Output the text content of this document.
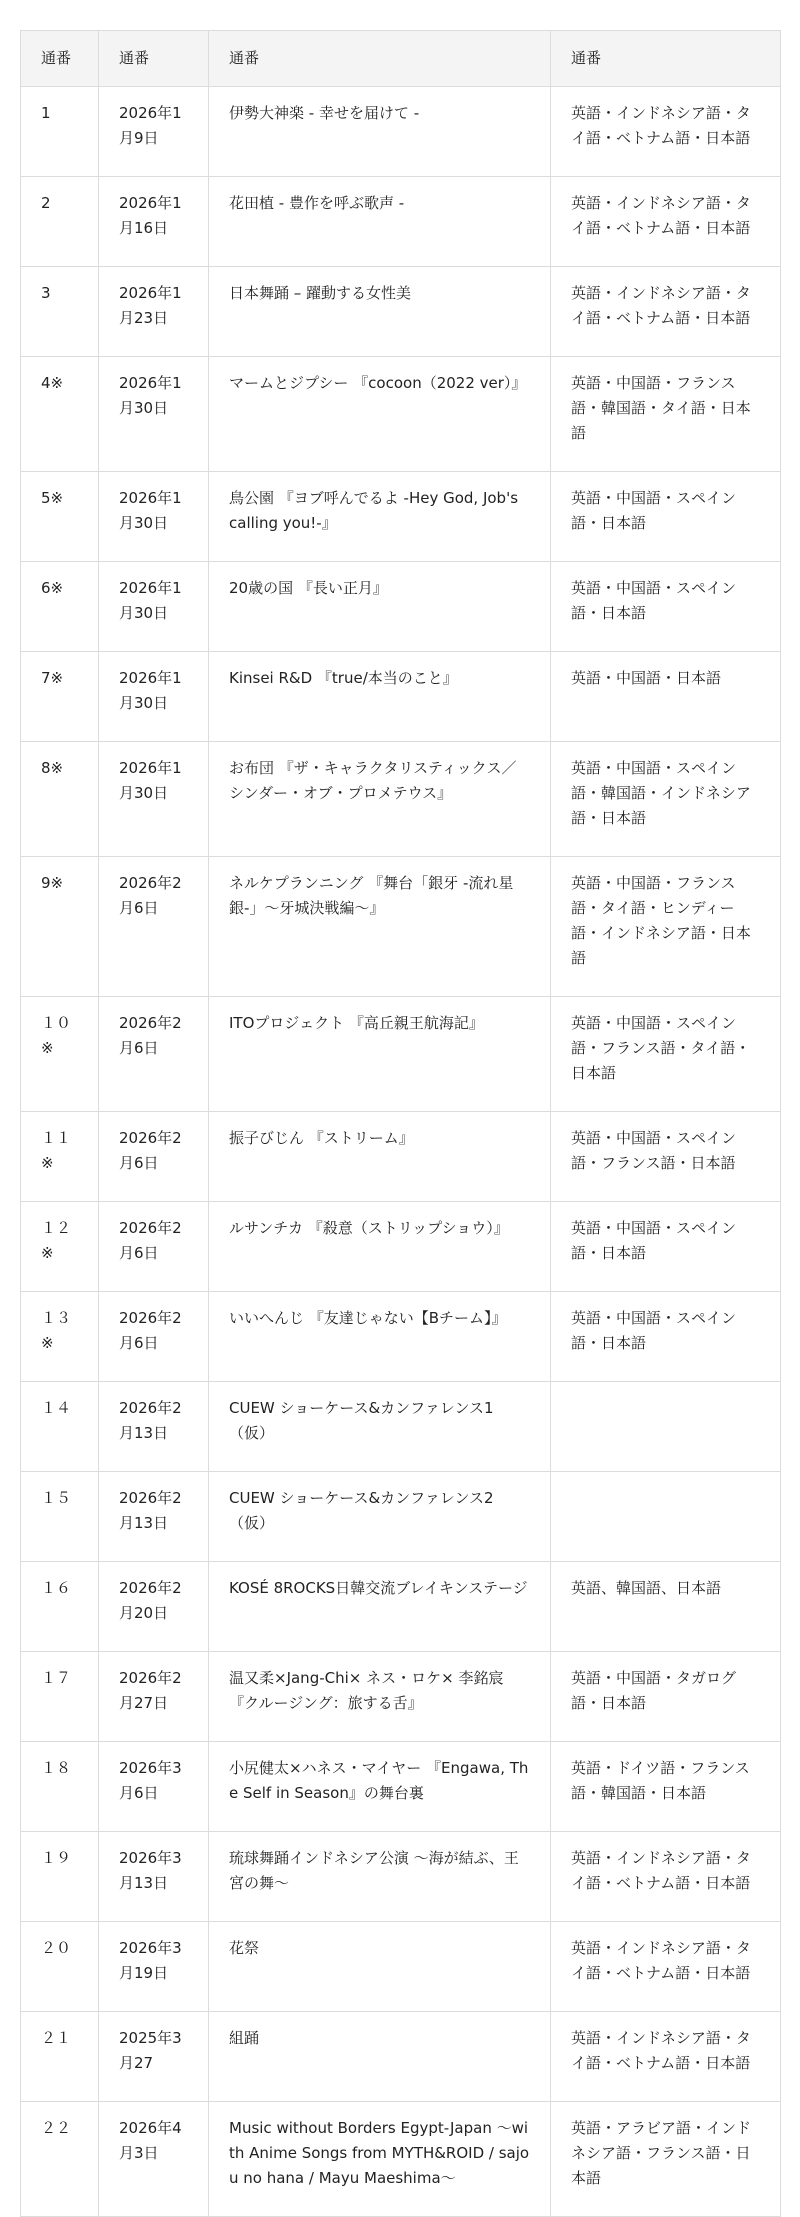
通番	通番	通番	通番
1	2026年1月9日	伊勢大神楽 - 幸せを届けて -	英語・インドネシア語・タイ語・ベトナム語・日本語
2	2026年1月16日	花田植 - 豊作を呼ぶ歌声 -	英語・インドネシア語・タイ語・ベトナム語・日本語
3	2026年1月23日	日本舞踊 – 躍動する女性美	英語・インドネシア語・タイ語・ベトナム語・日本語
4※	2026年1月30日	マームとジプシー 『cocoon（2022 ver）』	英語・中国語・フランス語・韓国語・タイ語・日本語
5※	2026年1月30日	鳥公園 『ヨブ呼んでるよ -Hey God, Job's calling you!-』	英語・中国語・スペイン語・日本語
6※	2026年1月30日	20歳の国 『長い正月』	英語・中国語・スペイン語・日本語
7※	2026年1月30日	Kinsei R&D 『true/本当のこと』	英語・中国語・日本語
8※	2026年1月30日	お布団 『ザ・キャラクタリスティックス／シンダー・オブ・プロメテウス』	英語・中国語・スペイン語・韓国語・インドネシア語・日本語
9※	2026年2月6日	ネルケプランニング 『舞台「銀牙 -流れ星 銀-」～牙城決戦編～』	英語・中国語・フランス語・タイ語・ヒンディー語・インドネシア語・日本語
１０※	2026年2月6日	ITOプロジェクト 『高丘親王航海記』	英語・中国語・スペイン語・フランス語・タイ語・日本語
１１※	2026年2月6日	振子びじん 『ストリーム』	英語・中国語・スペイン語・フランス語・日本語
１２※	2026年2月6日	ルサンチカ 『殺意（ストリップショウ）』	英語・中国語・スペイン語・日本語
１３※	2026年2月6日	いいへんじ 『友達じゃない【Bチーム】』	英語・中国語・スペイン語・日本語
１４	2026年2月13日	CUEW ショーケース&カンファレンス1（仮）	
１５	2026年2月13日	CUEW ショーケース&カンファレンス2（仮）	
１６	2026年2月20日	KOSÉ 8ROCKS日韓交流ブレイキンステージ	英語、韓国語、日本語
１７	2026年2月27日	温又柔×Jang-Chi× ネス・ロケ× 李銘宸　『クルージング：旅する舌』	英語・中国語・タガログ語・日本語
１８	2026年3月6日	小尻健太×ハネス・マイヤー 『Engawa, The Self in Season』の舞台裏	英語・ドイツ語・フランス語・韓国語・日本語
１９	2026年3月13日	琉球舞踊インドネシア公演 ～海が結ぶ、王宮の舞～	英語・インドネシア語・タイ語・ベトナム語・日本語
２０	2026年3月19日	花祭	英語・インドネシア語・タイ語・ベトナム語・日本語
２１	2025年3月27	組踊	英語・インドネシア語・タイ語・ベトナム語・日本語
２２	2026年4月3日	Music without Borders Egypt-Japan ～with Anime Songs from MYTH&ROID / sajou no hana / Mayu Maeshima～	英語・アラビア語・インドネシア語・フランス語・日本語
